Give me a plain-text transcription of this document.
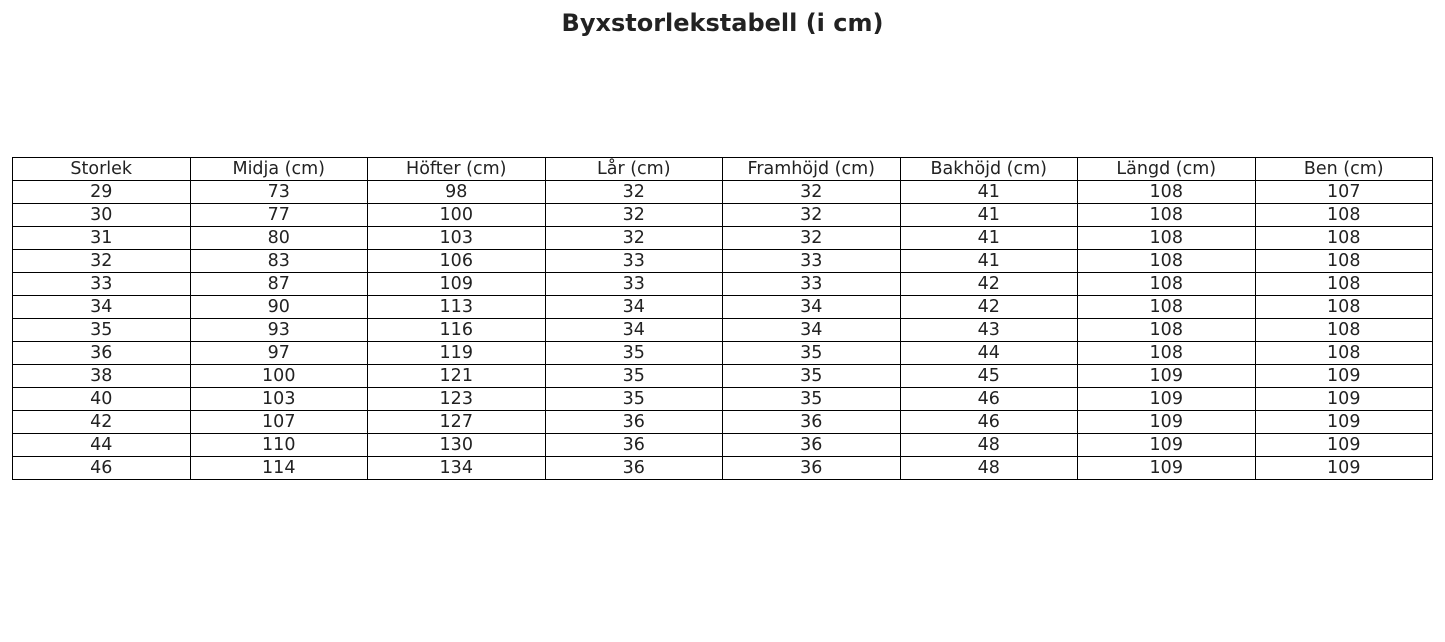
Byxstorlekstabell (i cm)
Storlek	Midja (cm)	Höfter (cm)	Lår (cm)	Framhöjd (cm)	Bakhöjd (cm)	Längd (cm)	Ben (cm)
29	73	98	32	32	41	108	107
30	77	100	32	32	41	108	108
31	80	103	32	32	41	108	108
32	83	106	33	33	41	108	108
33	87	109	33	33	42	108	108
34	90	113	34	34	42	108	108
35	93	116	34	34	43	108	108
36	97	119	35	35	44	108	108
38	100	121	35	35	45	109	109
40	103	123	35	35	46	109	109
42	107	127	36	36	46	109	109
44	110	130	36	36	48	109	109
46	114	134	36	36	48	109	109
